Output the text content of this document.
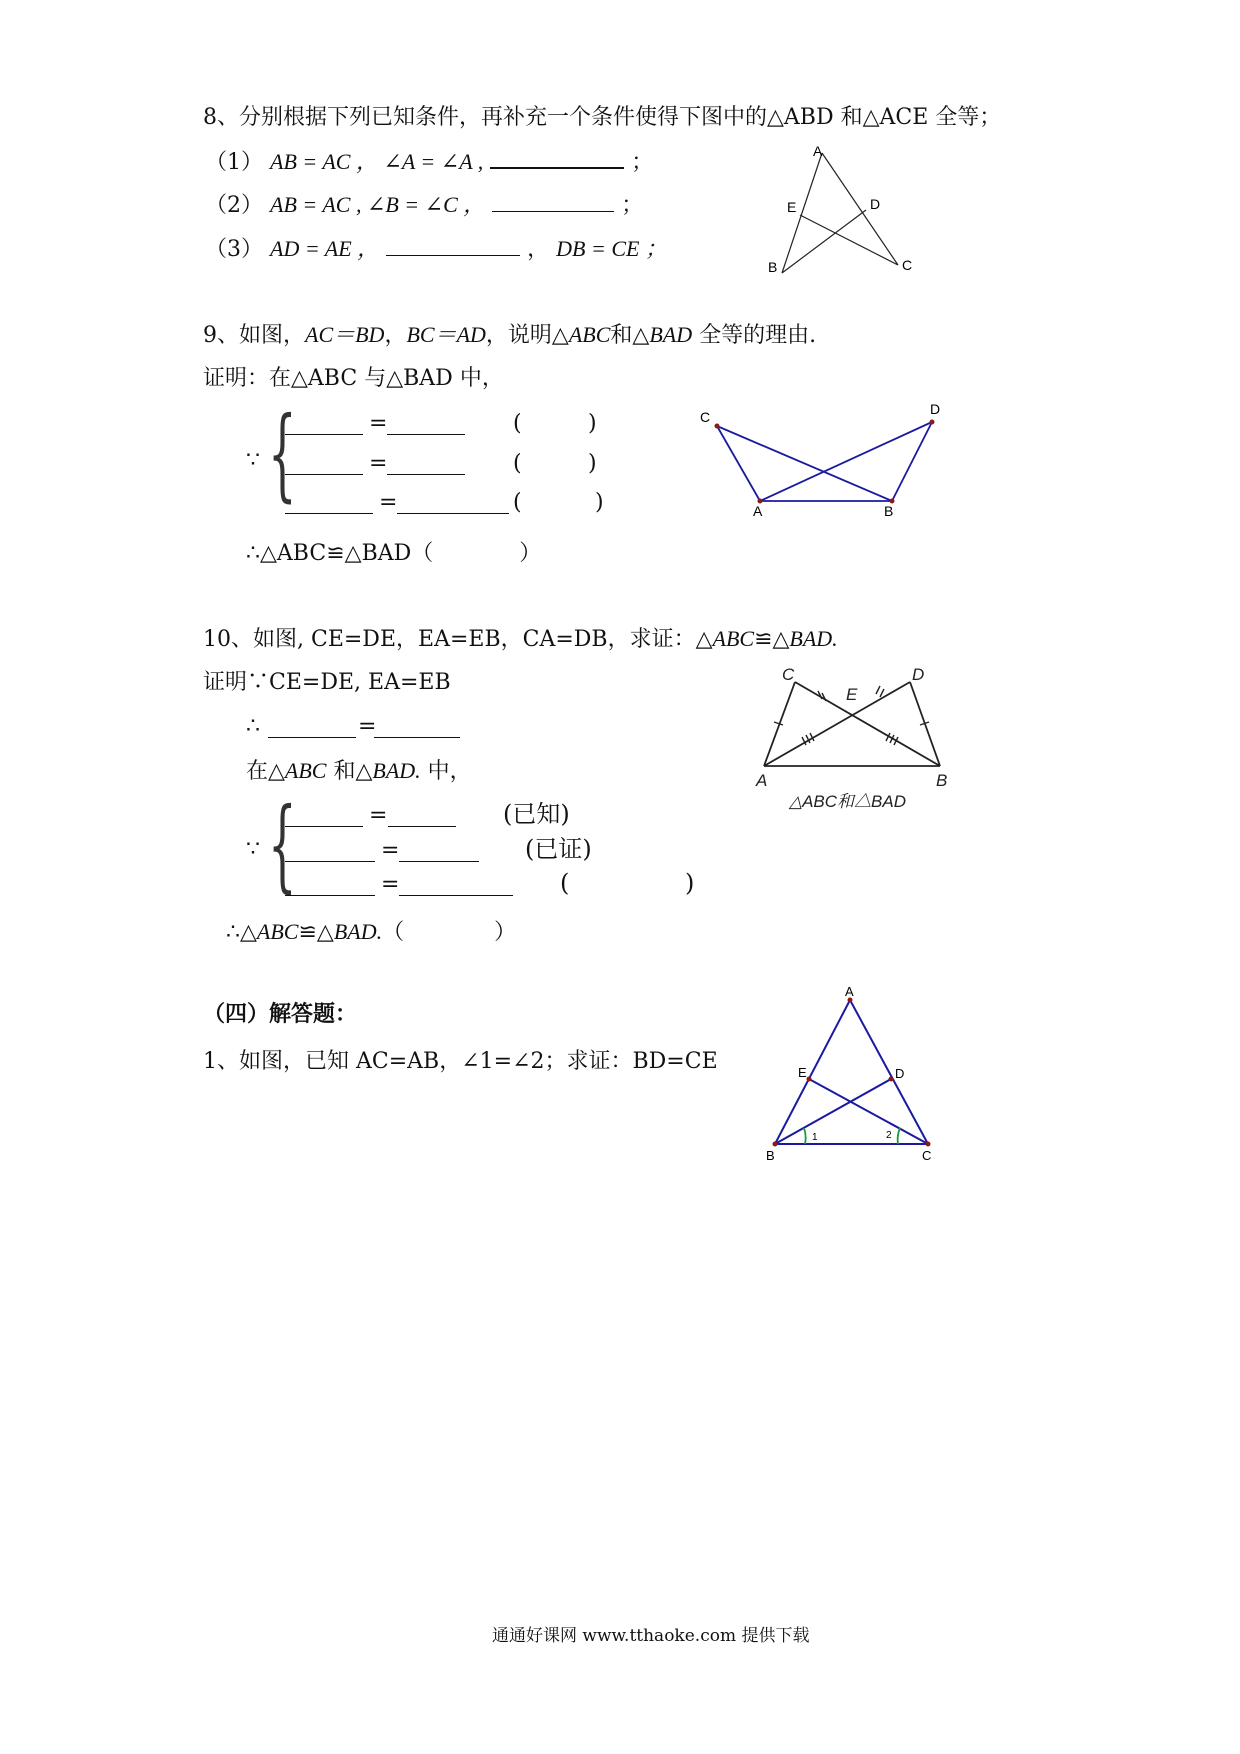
8、分别根据下列已知条件，再补充一个条件使得下图中的△ABD 和△ACE 全等；
（1） AB = AC ， ∠A = ∠A ,	；
（2） AB = AC , ∠B = ∠C ，	；
（3） AD = AE ，	， DB = CE ；
A
B	C
D
E
9、如图，AC＝BD，BC＝AD，说明△ABC和△BAD 全等的理由.
证明：在△ABC 与△BAD 中，
∵ {	=	(	)
=	(	)
=	(	)
∴△ABC≌△BAD（	）
C
A	B
D
10、如图, CE=DE，EA=EB，CA=DB，求证：△ABC≌△BAD.
证明∵CE=DE, EA=EB
∴	=
在△ABC 和△BAD. 中，
∵ {	=	(已知)
=	(已证)
=	(	)
∴△ABC≌△BAD.（	）
C	D
E
A	B
△ABC和△BAD
（四）解答题：
1、如图，已知 AC=AB，∠1=∠2；求证：BD=CE
A
B	C
D
E
1	2
通通好课网 www.tthaoke.com 提供下载
